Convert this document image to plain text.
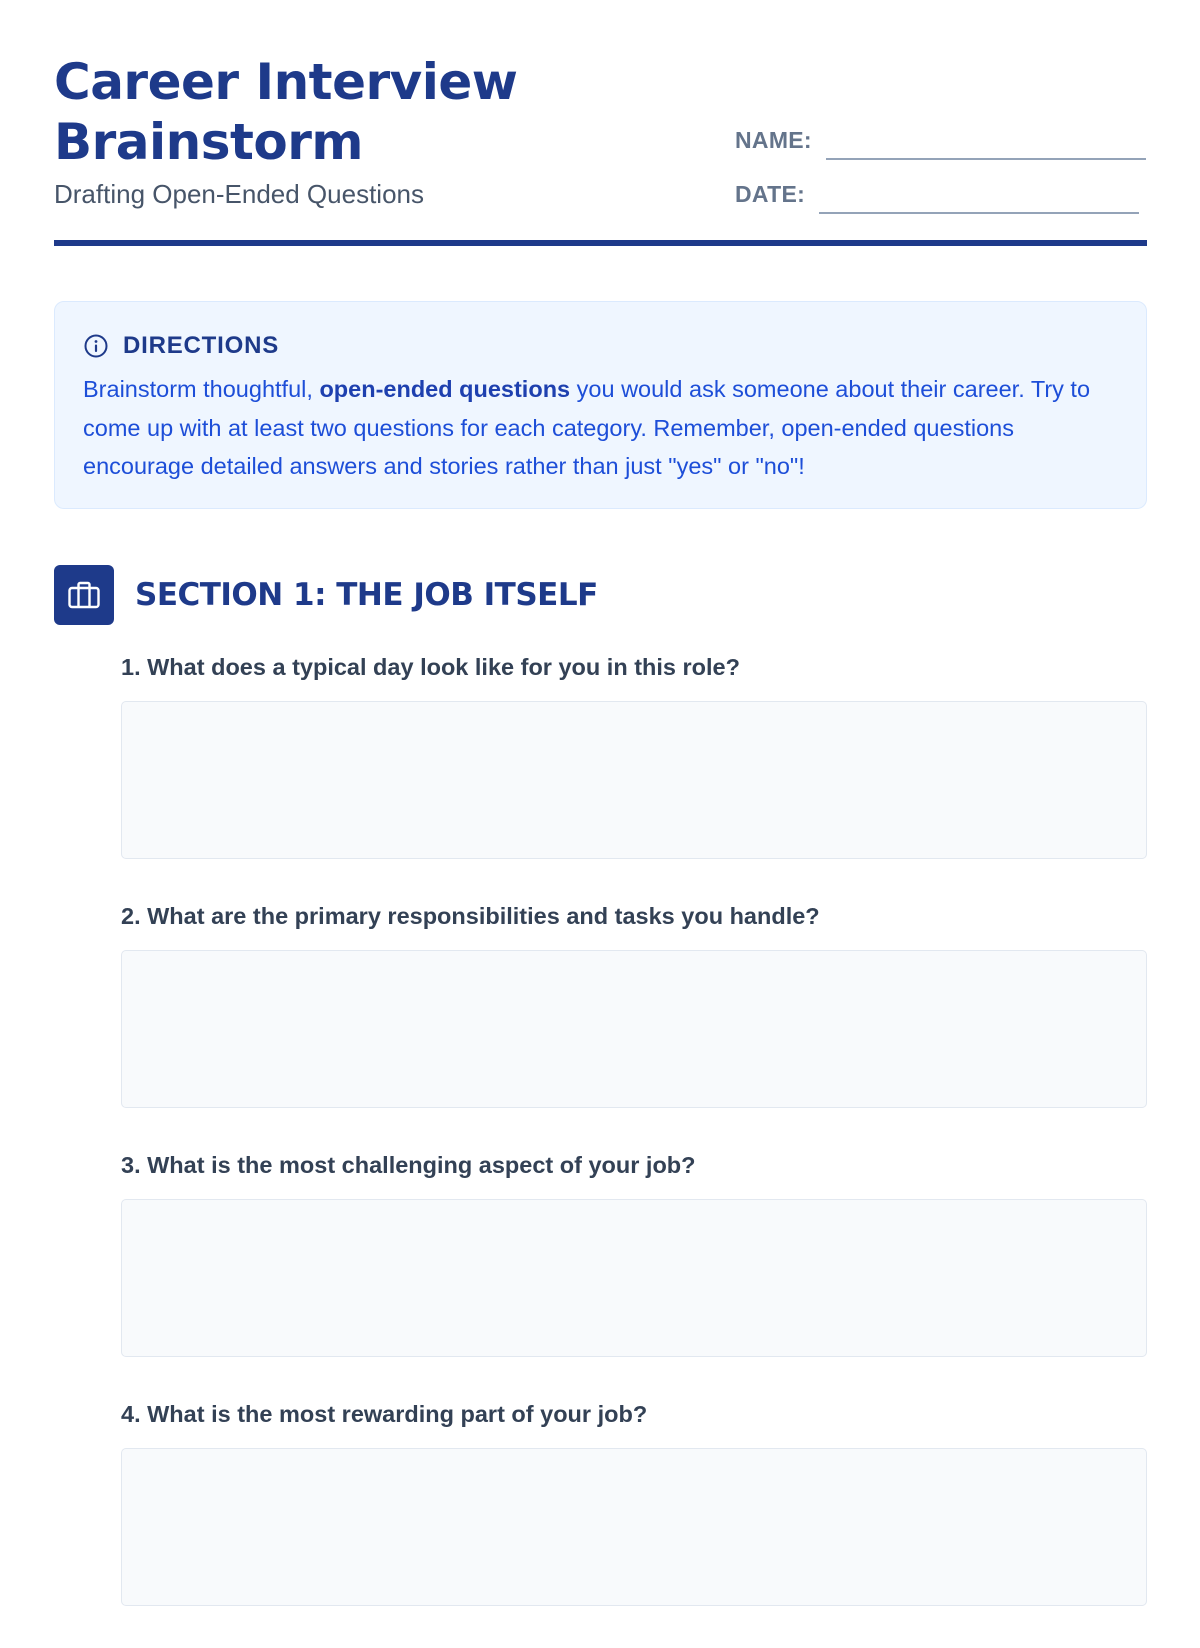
Career Interview Brainstorm
Drafting Open-Ended Questions
NAME:
DATE:
DIRECTIONS
Brainstorm thoughtful, open-ended questions you would ask someone about their career. Try to come up with at least two questions for each category. Remember, open-ended questions encourage detailed answers and stories rather than just "yes" or "no"!
SECTION 1: THE JOB ITSELF
1. What does a typical day look like for you in this role?
2. What are the primary responsibilities and tasks you handle?
3. What is the most challenging aspect of your job?
4. What is the most rewarding part of your job?
